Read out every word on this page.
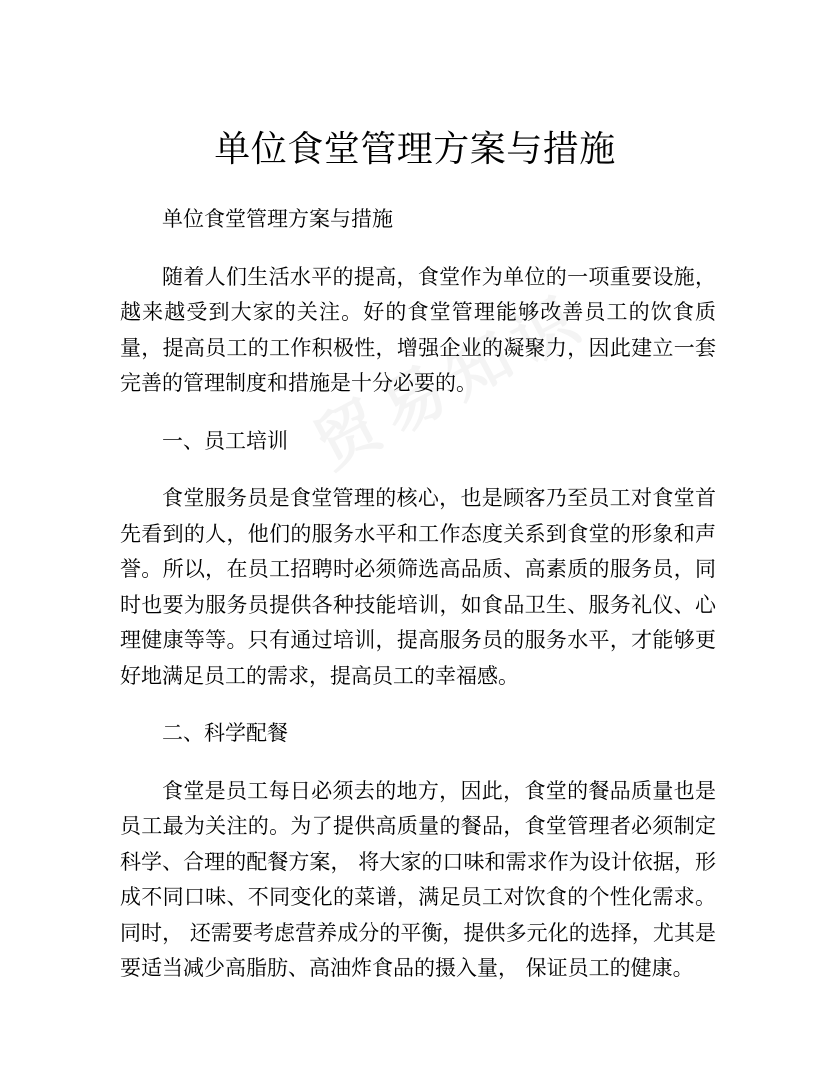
单位食堂管理方案与措施

单位食堂管理方案与措施

随着人们生活水平的提高，食堂作为单位的一项重要设施，越来越受到大家的关注。好的食堂管理能够改善员工的饮食质量，提高员工的工作积极性，增强企业的凝聚力，因此建立一套完善的管理制度和措施是十分必要的。

一、员工培训

食堂服务员是食堂管理的核心，也是顾客乃至员工对食堂首先看到的人，他们的服务水平和工作态度关系到食堂的形象和声誉。所以，在员工招聘时必须筛选高品质、高素质的服务员，同时也要为服务员提供各种技能培训，如食品卫生、服务礼仪、心理健康等等。只有通过培训，提高服务员的服务水平，才能够更好地满足员工的需求，提高员工的幸福感。

二、科学配餐

食堂是员工每日必须去的地方，因此，食堂的餐品质量也是员工最为关注的。为了提供高质量的餐品，食堂管理者必须制定科学、合理的配餐方案， 将大家的口味和需求作为设计依据，形成不同口味、不同变化的菜谱，满足员工对饮食的个性化需求。同时， 还需要考虑营养成分的平衡，提供多元化的选择，尤其是要适当减少高脂肪、高油炸食品的摄入量， 保证员工的健康。
